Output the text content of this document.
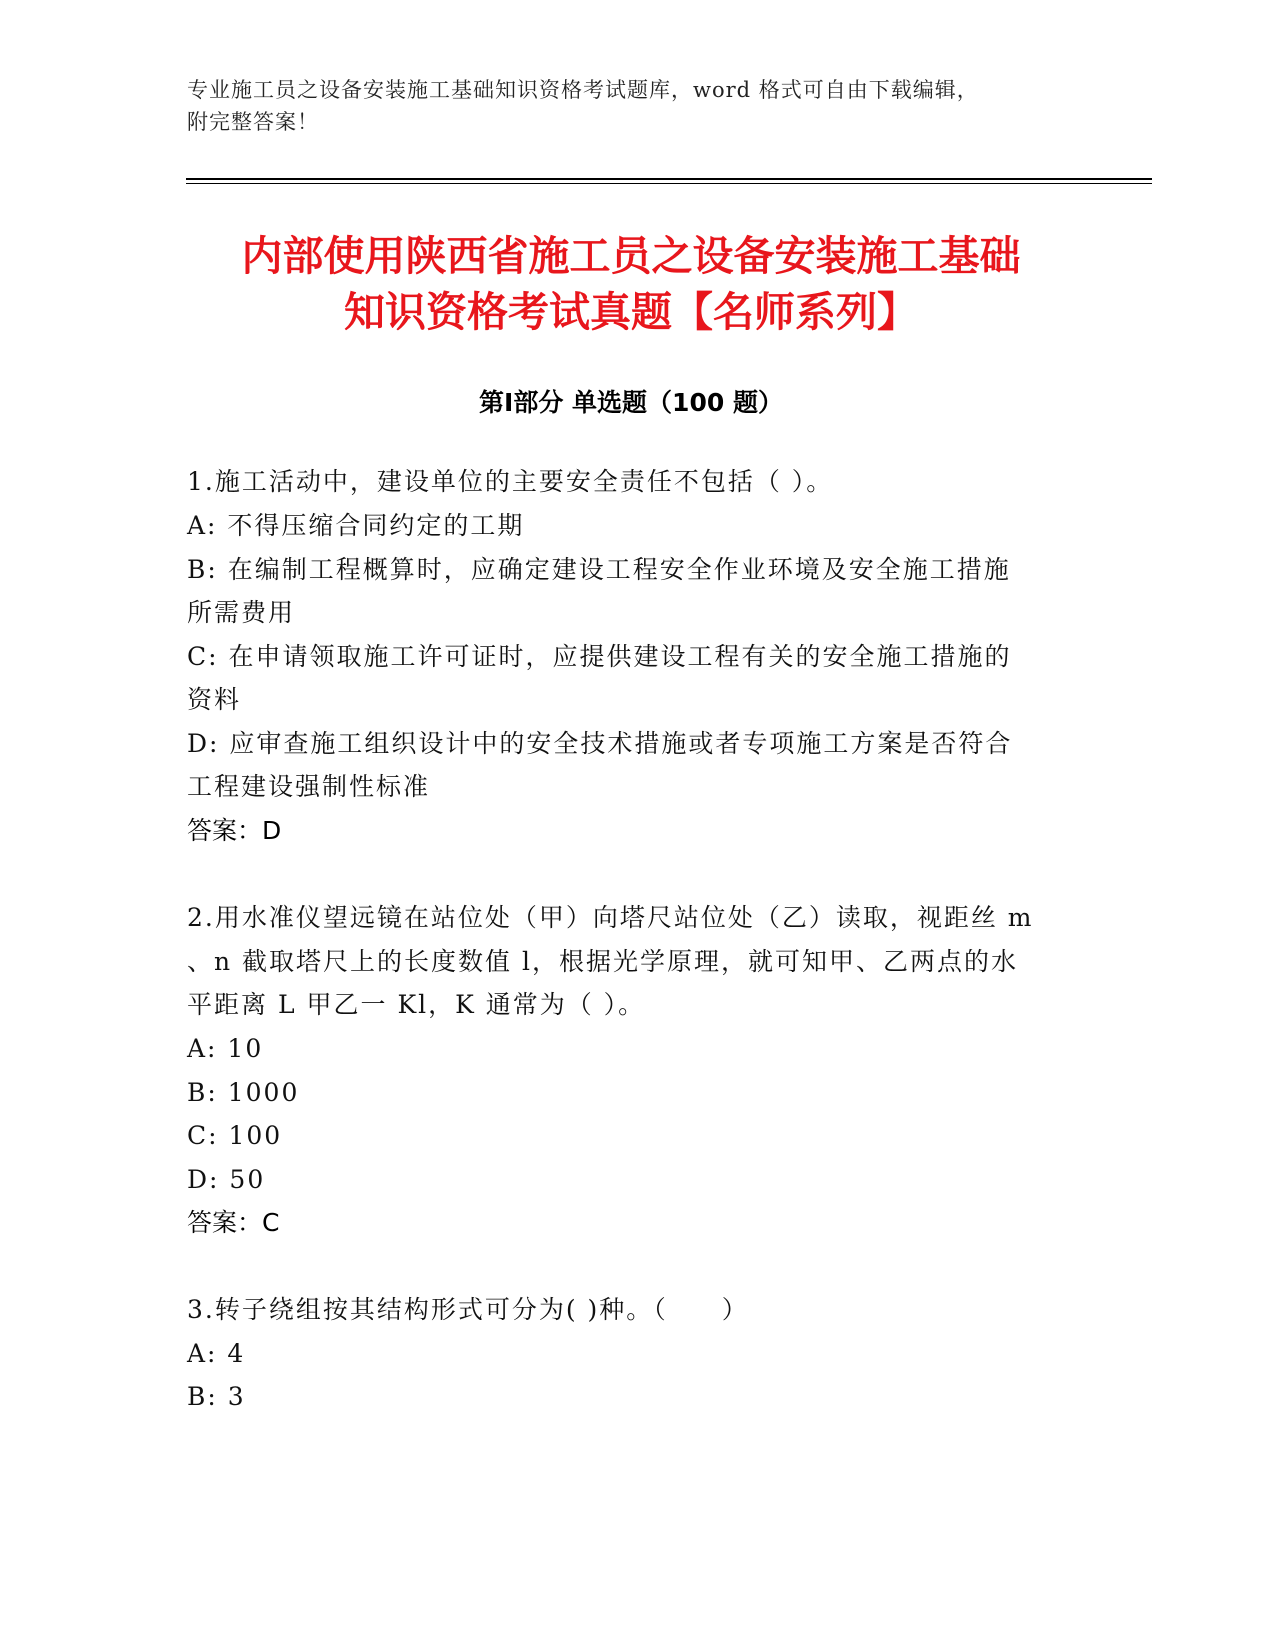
专业施工员之设备安装施工基础知识资格考试题库，word 格式可自由下载编辑，
附完整答案！
内部使用陕西省施工员之设备安装施工基础
知识资格考试真题【名师系列】
第Ⅰ部分 单选题（100 题）
1.施工活动中，建设单位的主要安全责任不包括（ ）。
A: 不得压缩合同约定的工期
B: 在编制工程概算时，应确定建设工程安全作业环境及安全施工措施
所需费用
C: 在申请领取施工许可证时，应提供建设工程有关的安全施工措施的
资料
D: 应审查施工组织设计中的安全技术措施或者专项施工方案是否符合
工程建设强制性标准
答案：D
2.用水准仪望远镜在站位处（甲）向塔尺站位处（乙）读取，视距丝 m
、n 截取塔尺上的长度数值 l，根据光学原理，就可知甲、乙两点的水
平距离 L 甲乙一 Kl，K 通常为（ ）。
A: 10
B: 1000
C: 100
D: 50
答案：C
3.转子绕组按其结构形式可分为( )种。（　　）
A: 4
B: 3
